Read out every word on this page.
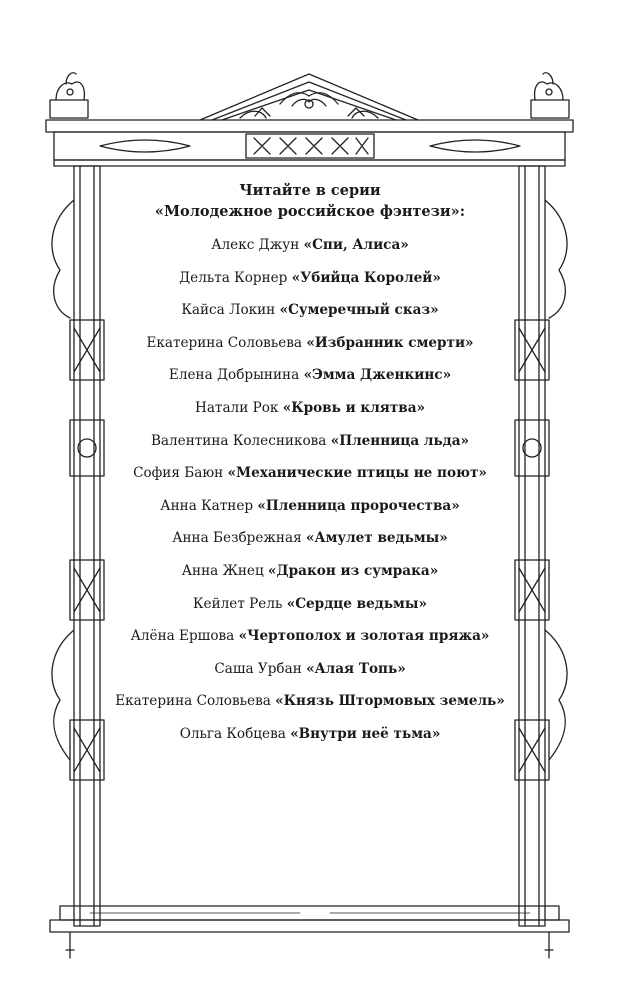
Читайте в серии
«Молодежное российское фэнтези»:
Алекс Джун «Спи, Алиса»
Дельта Корнер «Убийца Королей»
Кайса Локин «Сумеречный сказ»
Екатерина Соловьева «Избранник смерти»
Елена Добрынина «Эмма Дженкинс»
Натали Рок «Кровь и клятва»
Валентина Колесникова «Пленница льда»
София Баюн «Механические птицы не поют»
Анна Катнер «Пленница пророчества»
Анна Безбрежная «Амулет ведьмы»
Анна Жнец «Дракон из сумрака»
Кейлет Рель «Сердце ведьмы»
Алёна Ершова «Чертополох и золотая пряжа»
Саша Урбан «Алая Топь»
Екатерина Соловьева «Князь Штормовых земель»
Ольга Кобцева «Внутри неё тьма»
